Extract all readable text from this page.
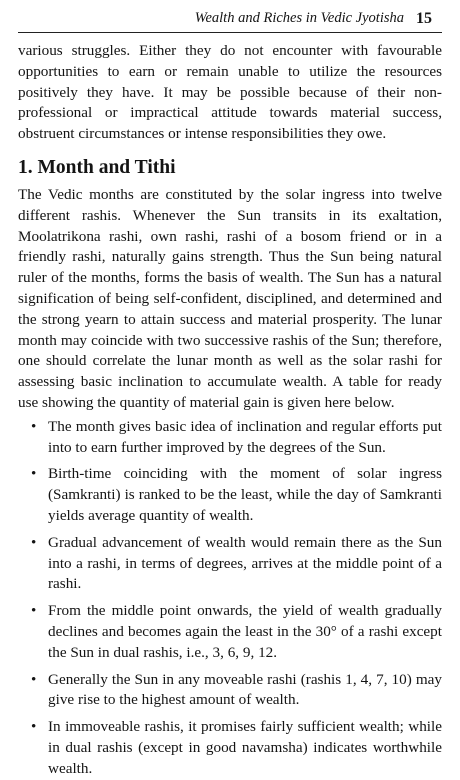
Wealth and Riches in Vedic Jyotisha 15

various struggles. Either they do not encounter with favourable opportunities to earn or remain unable to utilize the resources positively they have. It may be possible because of their non-professional or impractical attitude towards material success, obstruent circumstances or intense responsibilities they owe.

1. Month and Tithi

The Vedic months are constituted by the solar ingress into twelve different rashis. Whenever the Sun transits in its exaltation, Moolatrikona rashi, own rashi, rashi of a bosom friend or in a friendly rashi, naturally gains strength. Thus the Sun being natural ruler of the months, forms the basis of wealth. The Sun has a natural signification of being self-confident, disciplined, and determined and the strong yearn to attain success and material prosperity. The lunar month may coincide with two successive rashis of the Sun; therefore, one should correlate the lunar month as well as the solar rashi for assessing basic inclination to accumulate wealth. A table for ready use showing the quantity of material gain is given here below.

• The month gives basic idea of inclination and regular efforts put into to earn further improved by the degrees of the Sun.
• Birth-time coinciding with the moment of solar ingress (Samkranti) is ranked to be the least, while the day of Samkranti yields average quantity of wealth.
• Gradual advancement of wealth would remain there as the Sun into a rashi, in terms of degrees, arrives at the middle point of a rashi.
• From the middle point onwards, the yield of wealth gradually declines and becomes again the least in the 30° of a rashi except the Sun in dual rashis, i.e., 3, 6, 9, 12.
• Generally the Sun in any moveable rashi (rashis 1, 4, 7, 10) may give rise to the highest amount of wealth.
• In immoveable rashis, it promises fairly sufficient wealth; while in dual rashis (except in good navamsha) indicates worthwhile wealth.
